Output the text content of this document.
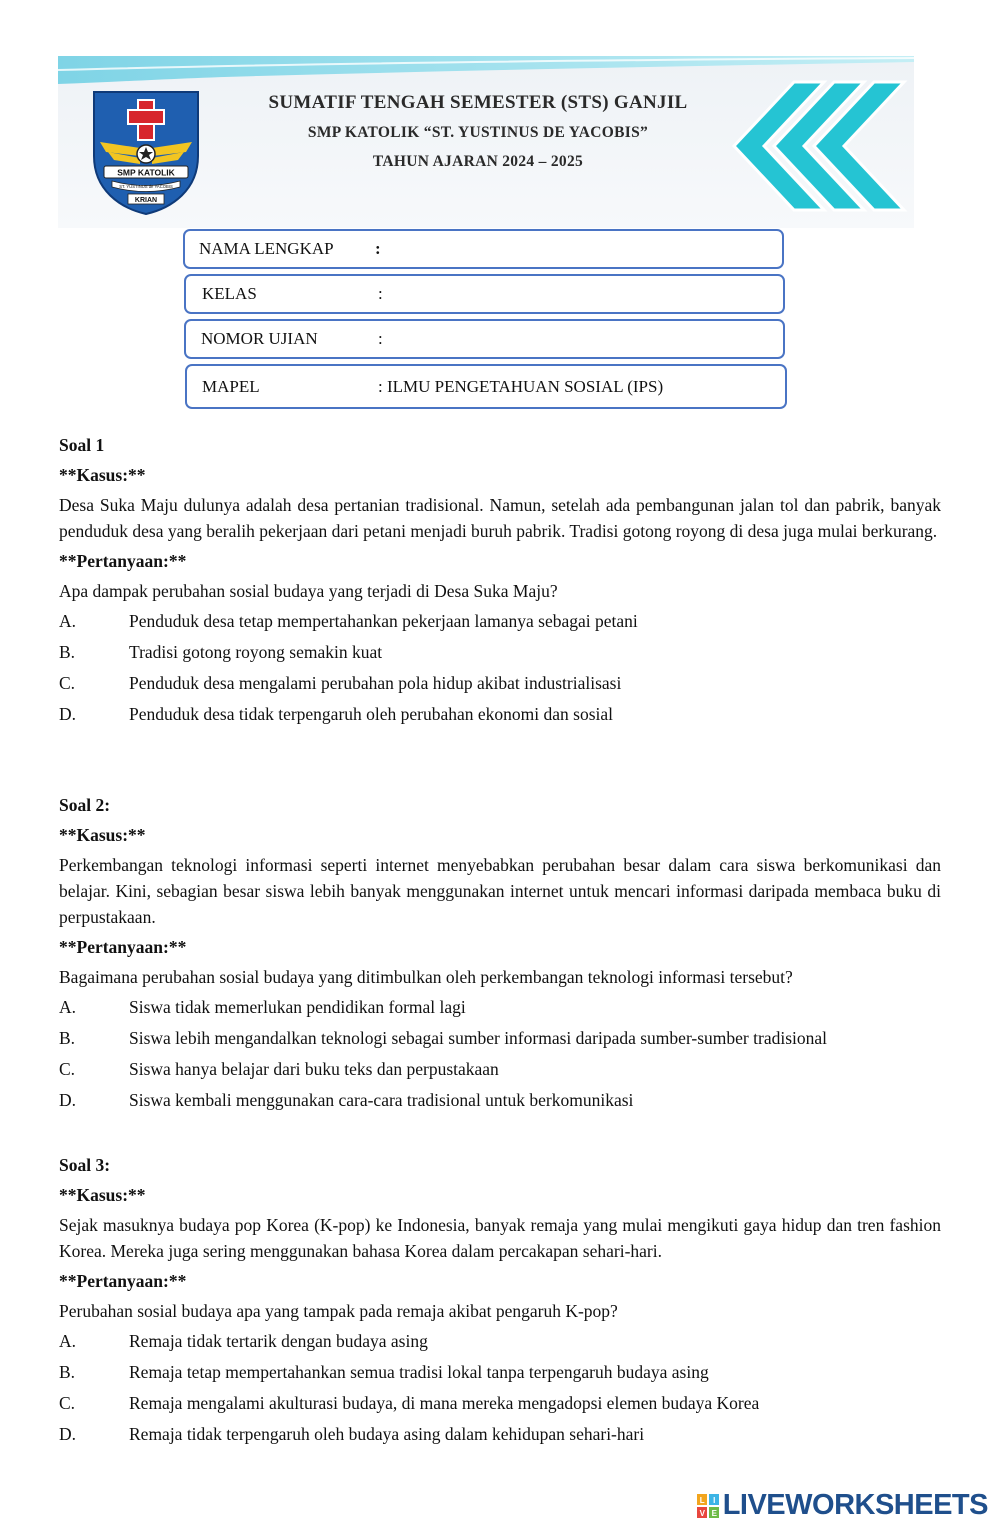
SMP KATOLIK
ST. YUSTINUS de YACOBIS
KRIAN
SUMATIF TENGAH SEMESTER (STS) GANJIL
SMP KATOLIK “ST. YUSTINUS DE YACOBIS”
TAHUN AJARAN 2024 – 2025
NAMA LENGKAP :
KELAS	:
NOMOR UJIAN	:
MAPEL	: ILMU PENGETAHUAN SOSIAL (IPS)
Soal 1
**Kasus:**
Desa Suka Maju dulunya adalah desa pertanian tradisional. Namun, setelah ada pembangunan jalan tol dan pabrik, banyak penduduk desa yang beralih pekerjaan dari petani menjadi buruh pabrik. Tradisi gotong royong di desa juga mulai berkurang.
**Pertanyaan:**
Apa dampak perubahan sosial budaya yang terjadi di Desa Suka Maju?
A.	Penduduk desa tetap mempertahankan pekerjaan lamanya sebagai petani
B.	Tradisi gotong royong semakin kuat
C.	Penduduk desa mengalami perubahan pola hidup akibat industrialisasi
D.	Penduduk desa tidak terpengaruh oleh perubahan ekonomi dan sosial
Soal 2:
**Kasus:**
Perkembangan teknologi informasi seperti internet menyebabkan perubahan besar dalam cara siswa berkomunikasi dan belajar. Kini, sebagian besar siswa lebih banyak menggunakan internet untuk mencari informasi daripada membaca buku di perpustakaan.
**Pertanyaan:**
Bagaimana perubahan sosial budaya yang ditimbulkan oleh perkembangan teknologi informasi tersebut?
A.	Siswa tidak memerlukan pendidikan formal lagi
B.	Siswa lebih mengandalkan teknologi sebagai sumber informasi daripada sumber-sumber tradisional
C.	Siswa hanya belajar dari buku teks dan perpustakaan
D.	Siswa kembali menggunakan cara-cara tradisional untuk berkomunikasi
Soal 3:
**Kasus:**
Sejak masuknya budaya pop Korea (K-pop) ke Indonesia, banyak remaja yang mulai mengikuti gaya hidup dan tren fashion Korea. Mereka juga sering menggunakan bahasa Korea dalam percakapan sehari-hari.
**Pertanyaan:**
Perubahan sosial budaya apa yang tampak pada remaja akibat pengaruh K-pop?
A.	Remaja tidak tertarik dengan budaya asing
B.	Remaja tetap mempertahankan semua tradisi lokal tanpa terpengaruh budaya asing
C.	Remaja mengalami akulturasi budaya, di mana mereka mengadopsi elemen budaya Korea
D.	Remaja tidak terpengaruh oleh budaya asing dalam kehidupan sehari-hari
L I
V E LIVEWORKSHEETS
